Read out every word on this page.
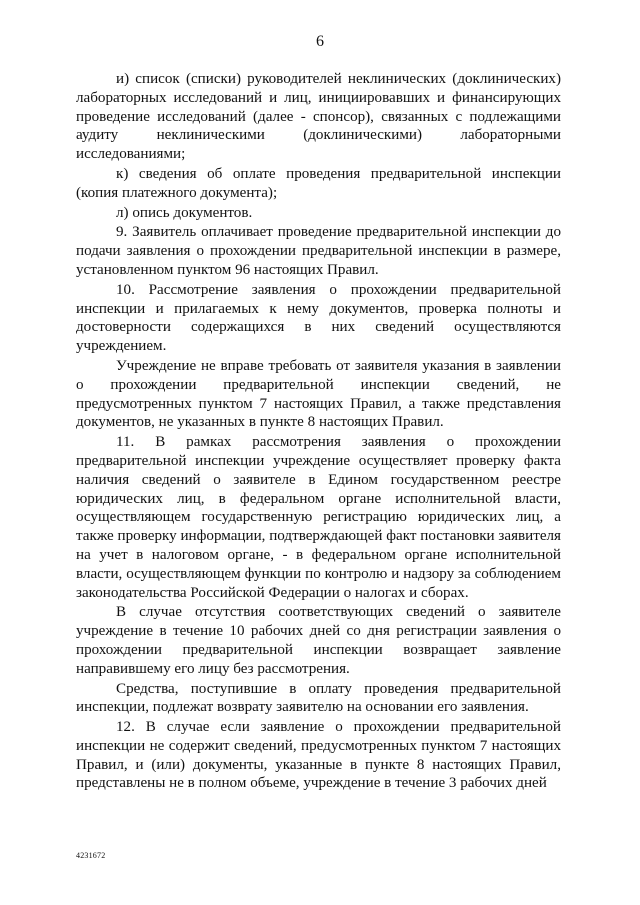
6

и) список (списки) руководителей неклинических (доклинических) лабораторных исследований и лиц, инициировавших и финансирующих проведение исследований (далее - спонсор), связанных с подлежащими аудиту неклиническими (доклиническими) лабораторными исследованиями;

к) сведения об оплате проведения предварительной инспекции (копия платежного документа);

л) опись документов.

9. Заявитель оплачивает проведение предварительной инспекции до подачи заявления о прохождении предварительной инспекции в размере, установленном пунктом 96 настоящих Правил.

10. Рассмотрение заявления о прохождении предварительной инспекции и прилагаемых к нему документов, проверка полноты и достоверности содержащихся в них сведений осуществляются учреждением.

Учреждение не вправе требовать от заявителя указания в заявлении о прохождении предварительной инспекции сведений, не предусмотренных пунктом 7 настоящих Правил, а также представления документов, не указанных в пункте 8 настоящих Правил.

11. В рамках рассмотрения заявления о прохождении предварительной инспекции учреждение осуществляет проверку факта наличия сведений о заявителе в Едином государственном реестре юридических лиц, в федеральном органе исполнительной власти, осуществляющем государственную регистрацию юридических лиц, а также проверку информации, подтверждающей факт постановки заявителя на учет в налоговом органе, - в федеральном органе исполнительной власти, осуществляющем функции по контролю и надзору за соблюдением законодательства Российской Федерации о налогах и сборах.

В случае отсутствия соответствующих сведений о заявителе учреждение в течение 10 рабочих дней со дня регистрации заявления о прохождении предварительной инспекции возвращает заявление направившему его лицу без рассмотрения.

Средства, поступившие в оплату проведения предварительной инспекции, подлежат возврату заявителю на основании его заявления.

12. В случае если заявление о прохождении предварительной инспекции не содержит сведений, предусмотренных пунктом 7 настоящих Правил, и (или) документы, указанные в пункте 8 настоящих Правил, представлены не в полном объеме, учреждение в течение 3 рабочих дней

4231672
